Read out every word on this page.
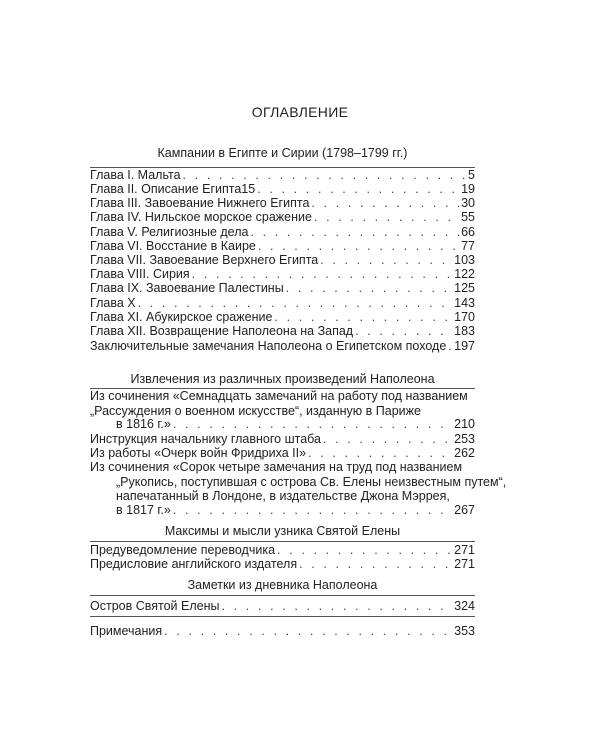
ОГЛАВЛЕНИЕ
Кампании в Египте и Сирии (1798–1799 гг.)
Глава I. Мальта . . .	5
Глава II. Описание Египта15 . . .	19
Глава III. Завоевание Нижнего Египта . . .	30
Глава IV. Нильское морское сражение . . .	55
Глава V. Религиозные дела . . .	66
Глава VI. Восстание в Каире . . .	77
Глава VII. Завоевание Верхнего Египта . . .	103
Глава VIII. Сирия . . .	122
Глава IX. Завоевание Палестины . . .	125
Глава X . . .	143
Глава XI. Абукирское сражение . . .	170
Глава XII. Возвращение Наполеона на Запад . . .	183
Заключительные замечания Наполеона о Египетском походе . . . 197
Извлечения из различных произведений Наполеона
Из сочинения «Семнадцать замечаний на работу под названием
„Рассуждения о военном искусстве“, изданную в Париже
в 1816 г.» . . .	210
Инструкция начальнику главного штаба . . .	253
Из работы «Очерк войн Фридриха II» . . .	262
Из сочинения «Сорок четыре замечания на труд под названием
„Рукопись, поступившая с острова Св. Елены неизвестным путем“,
напечатанный в Лондоне, в издательстве Джона Мэррея,
в 1817 г.» . . .	267
Максимы и мысли узника Святой Елены
Предуведомление переводчика . . .	271
Предисловие английского издателя . . .	271
Заметки из дневника Наполеона
Остров Святой Елены . . .	324
Примечания . . .	353
